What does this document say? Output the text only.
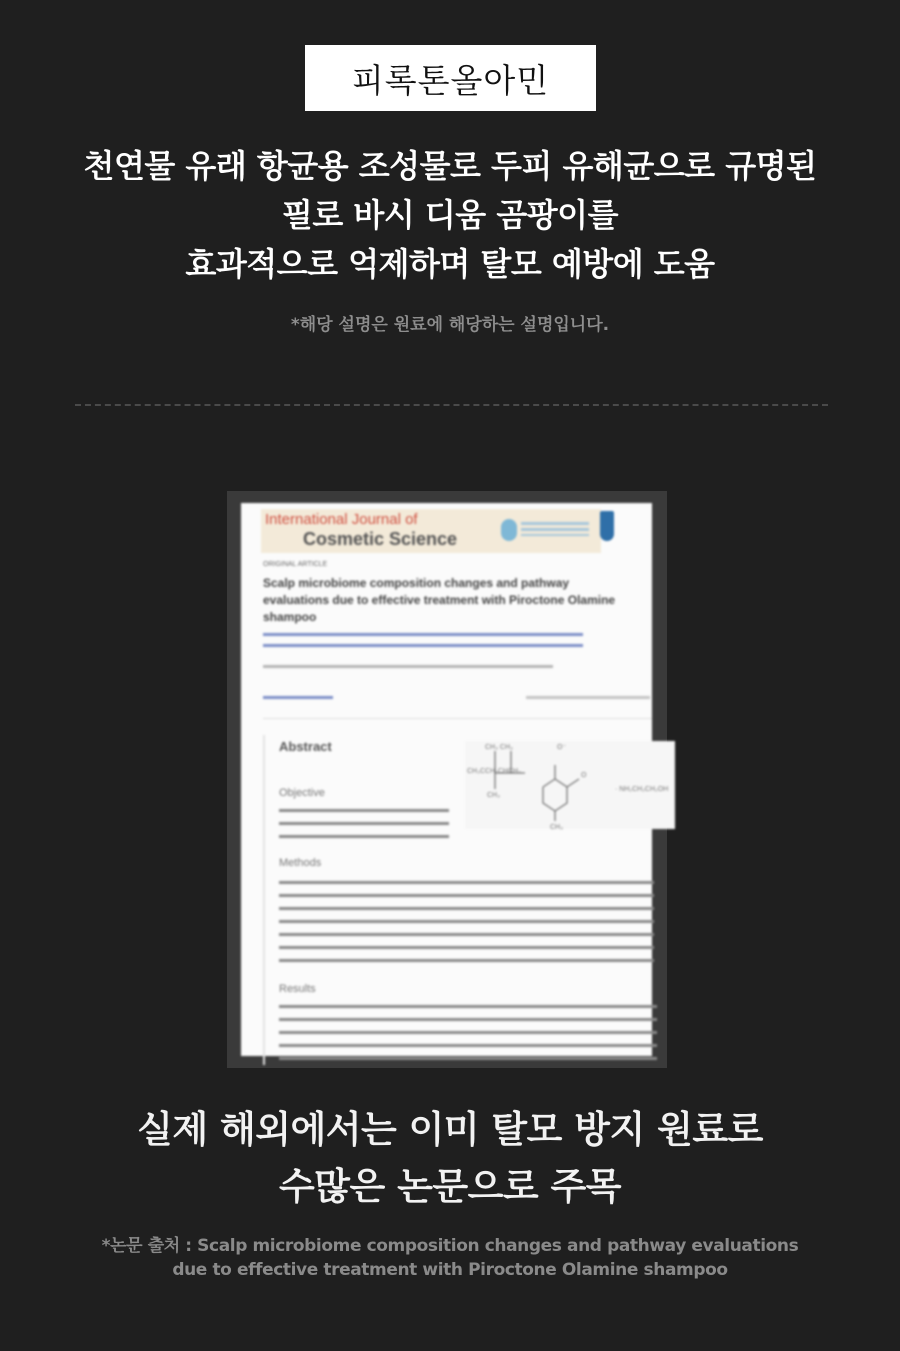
피록톤올아민
천연물 유래 항균용 조성물로 두피 유해균으로 규명된
필로 바시 디움 곰팡이를
효과적으로 억제하며 탈모 예방에 도움
*해당 설명은 원료에 해당하는 설명입니다.
International Journal of
Cosmetic Science
ORIGINAL ARTICLE
Scalp microbiome composition changes and pathway evaluations due to effective treatment with Piroctone Olamine shampoo
Abstract	CH₃ CH₃
CH₃CCH₂CHCH₂
CH₃
O⁻
O
CH₃
· NH₂CH₂CH₂OH
Objective
Methods
Results
실제 해외에서는 이미 탈모 방지 원료로
수많은 논문으로 주목
*논문 출처 : Scalp microbiome composition changes and pathway evaluations
due to effective treatment with Piroctone Olamine shampoo
